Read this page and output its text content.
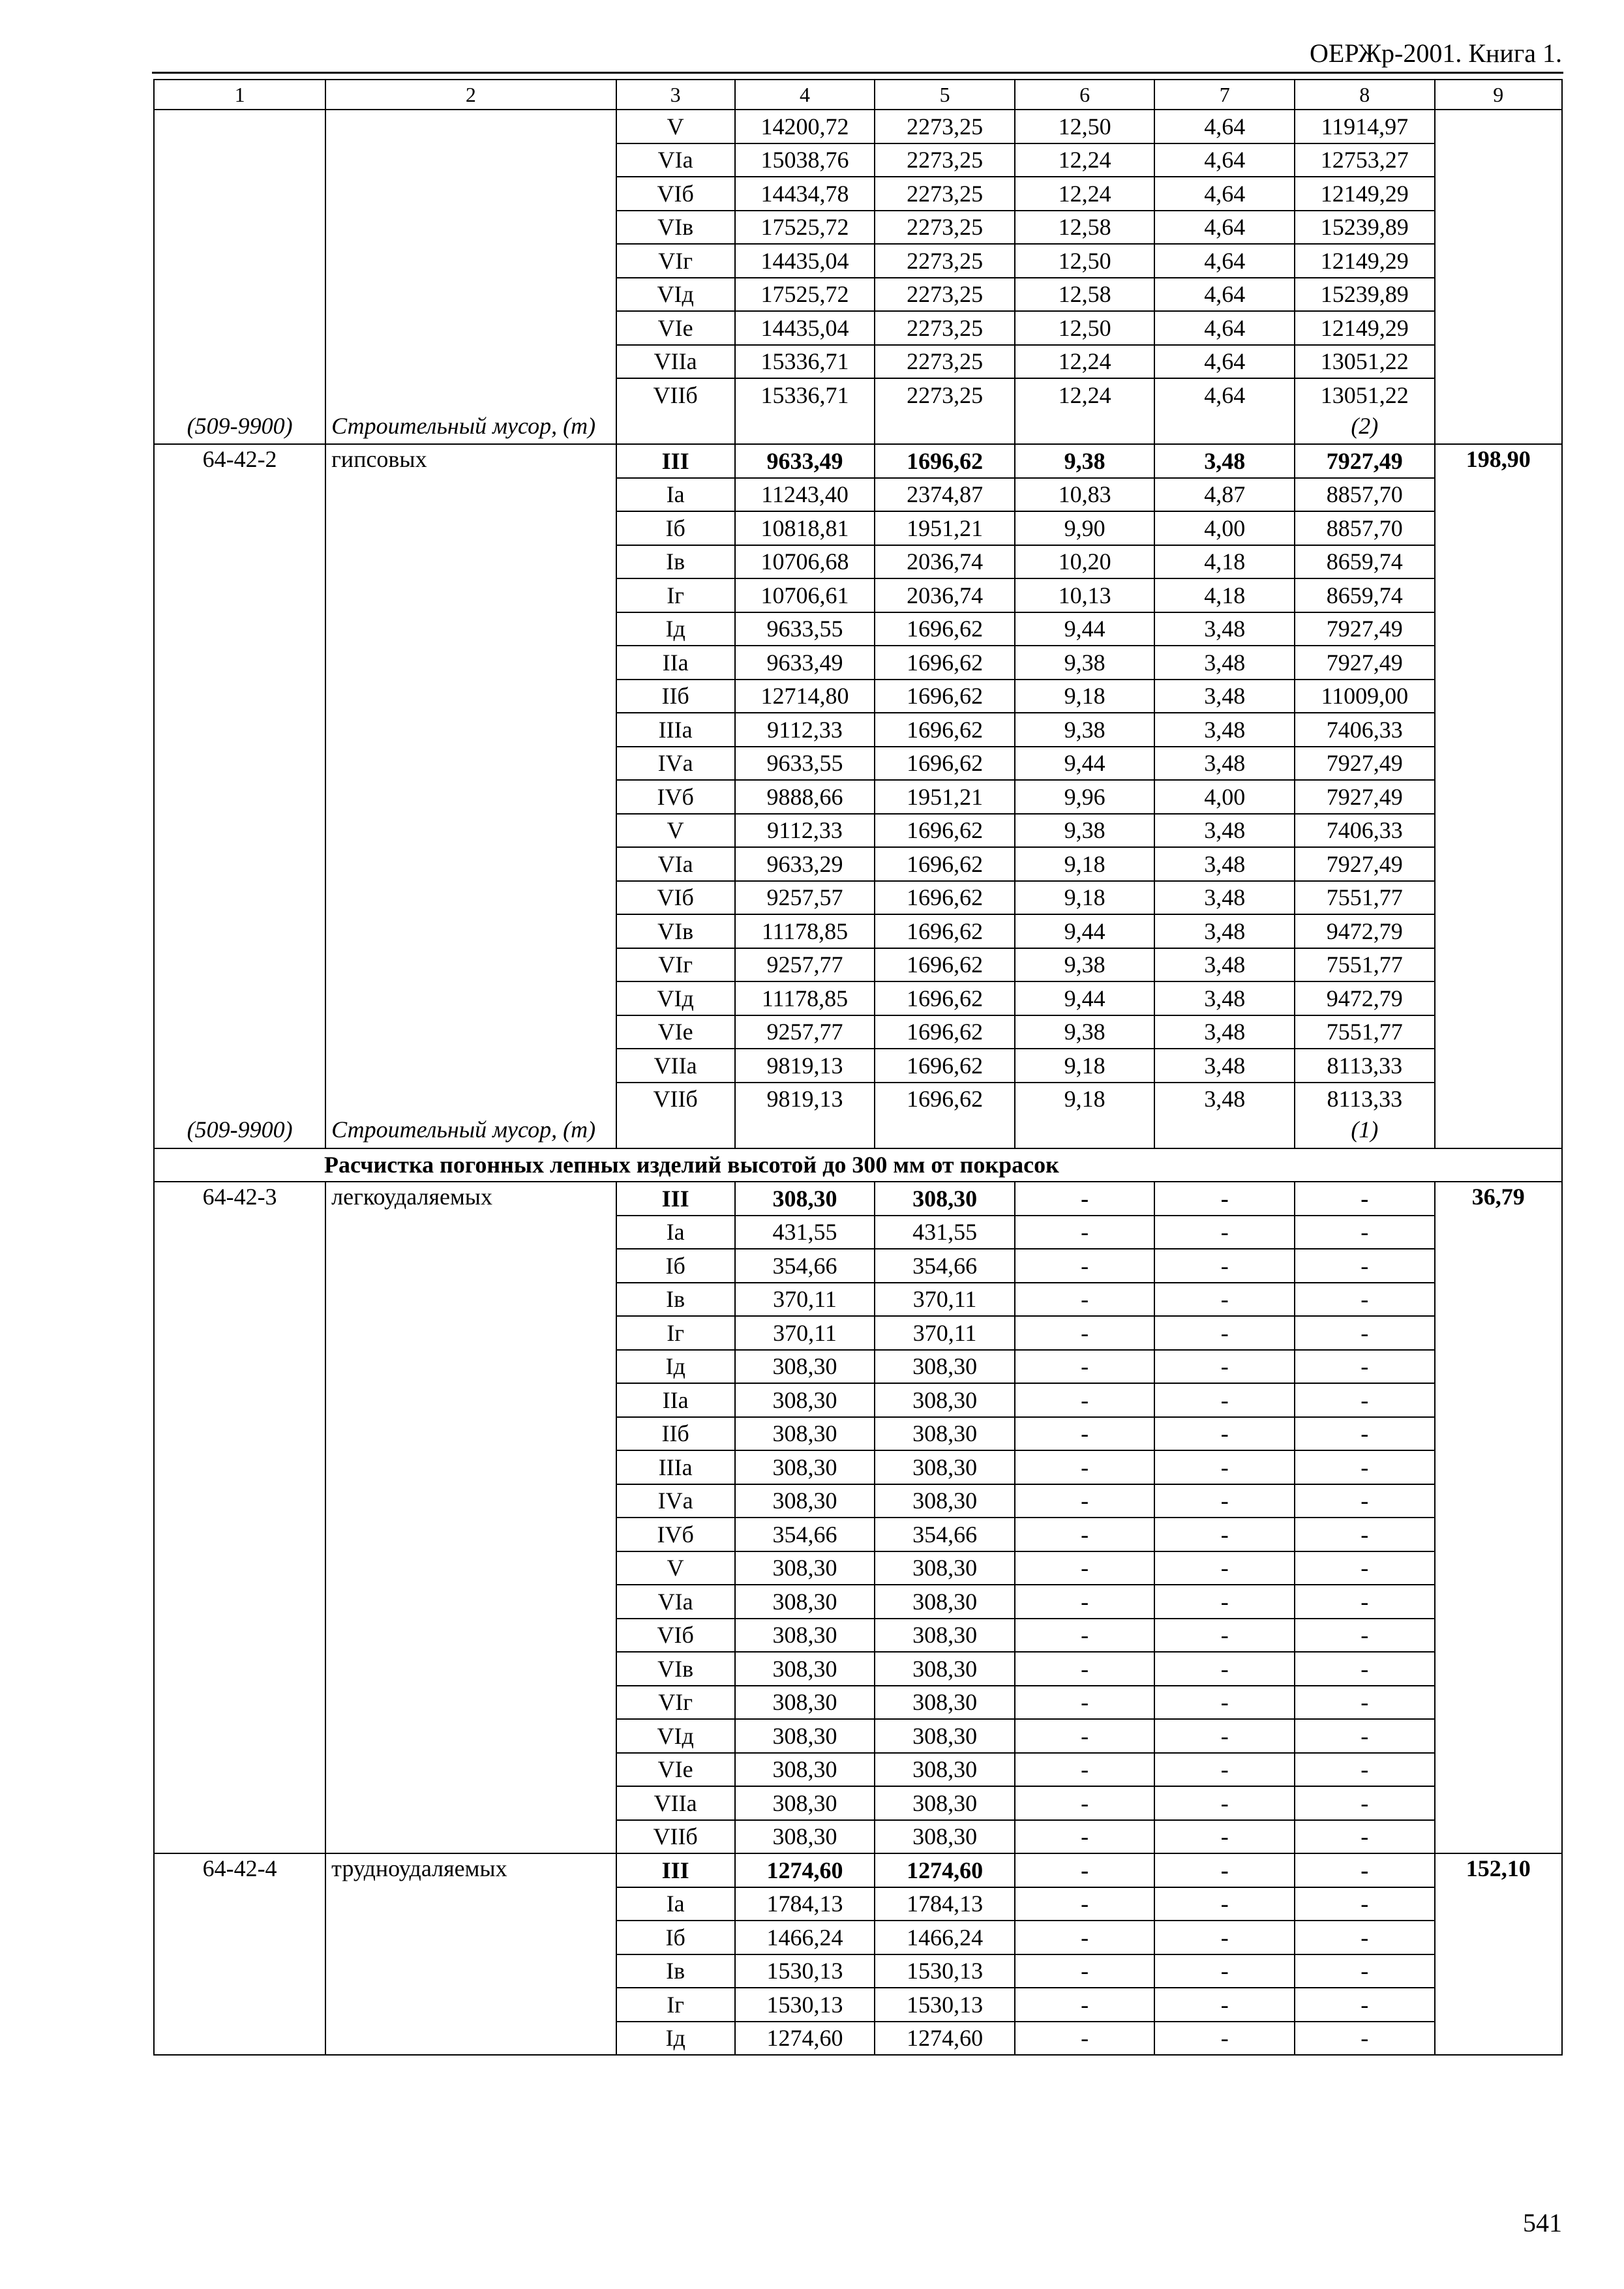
ОЕРЖр-2001. Книга 1.
1	2	3	4	5	6	7	8	9
		V	14200,72	2273,25	12,50	4,64	11914,97	
		VIа	15038,76	2273,25	12,24	4,64	12753,27	
		VIб	14434,78	2273,25	12,24	4,64	12149,29	
		VIв	17525,72	2273,25	12,58	4,64	15239,89	
		VIг	14435,04	2273,25	12,50	4,64	12149,29	
		VIд	17525,72	2273,25	12,58	4,64	15239,89	
		VIе	14435,04	2273,25	12,50	4,64	12149,29	
		VIIа	15336,71	2273,25	12,24	4,64	13051,22	
		VIIб	15336,71	2273,25	12,24	4,64	13051,22	
(509-9900)	Строительный мусор, (т)						(2)	
64-42-2	гипсовых	III	9633,49	1696,62	9,38	3,48	7927,49	198,90
		Iа	11243,40	2374,87	10,83	4,87	8857,70	
		Iб	10818,81	1951,21	9,90	4,00	8857,70	
		Iв	10706,68	2036,74	10,20	4,18	8659,74	
		Iг	10706,61	2036,74	10,13	4,18	8659,74	
		Iд	9633,55	1696,62	9,44	3,48	7927,49	
		IIа	9633,49	1696,62	9,38	3,48	7927,49	
		IIб	12714,80	1696,62	9,18	3,48	11009,00	
		IIIа	9112,33	1696,62	9,38	3,48	7406,33	
		IVа	9633,55	1696,62	9,44	3,48	7927,49	
		IVб	9888,66	1951,21	9,96	4,00	7927,49	
		V	9112,33	1696,62	9,38	3,48	7406,33	
		VIа	9633,29	1696,62	9,18	3,48	7927,49	
		VIб	9257,57	1696,62	9,18	3,48	7551,77	
		VIв	11178,85	1696,62	9,44	3,48	9472,79	
		VIг	9257,77	1696,62	9,38	3,48	7551,77	
		VIд	11178,85	1696,62	9,44	3,48	9472,79	
		VIе	9257,77	1696,62	9,38	3,48	7551,77	
		VIIа	9819,13	1696,62	9,18	3,48	8113,33	
		VIIб	9819,13	1696,62	9,18	3,48	8113,33	
(509-9900)	Строительный мусор, (т)						(1)	
Расчистка погонных лепных изделий высотой до 300 мм от покрасок								
64-42-3	легкоудаляемых	III	308,30	308,30	-	-	-	36,79
		Iа	431,55	431,55	-	-	-	
		Iб	354,66	354,66	-	-	-	
		Iв	370,11	370,11	-	-	-	
		Iг	370,11	370,11	-	-	-	
		Iд	308,30	308,30	-	-	-	
		IIа	308,30	308,30	-	-	-	
		IIб	308,30	308,30	-	-	-	
		IIIа	308,30	308,30	-	-	-	
		IVа	308,30	308,30	-	-	-	
		IVб	354,66	354,66	-	-	-	
		V	308,30	308,30	-	-	-	
		VIа	308,30	308,30	-	-	-	
		VIб	308,30	308,30	-	-	-	
		VIв	308,30	308,30	-	-	-	
		VIг	308,30	308,30	-	-	-	
		VIд	308,30	308,30	-	-	-	
		VIе	308,30	308,30	-	-	-	
		VIIа	308,30	308,30	-	-	-	
		VIIб	308,30	308,30	-	-	-	
64-42-4	трудноудаляемых	III	1274,60	1274,60	-	-	-	152,10
		Iа	1784,13	1784,13	-	-	-	
		Iб	1466,24	1466,24	-	-	-	
		Iв	1530,13	1530,13	-	-	-	
		Iг	1530,13	1530,13	-	-	-	
		Iд	1274,60	1274,60	-	-	-	
541
